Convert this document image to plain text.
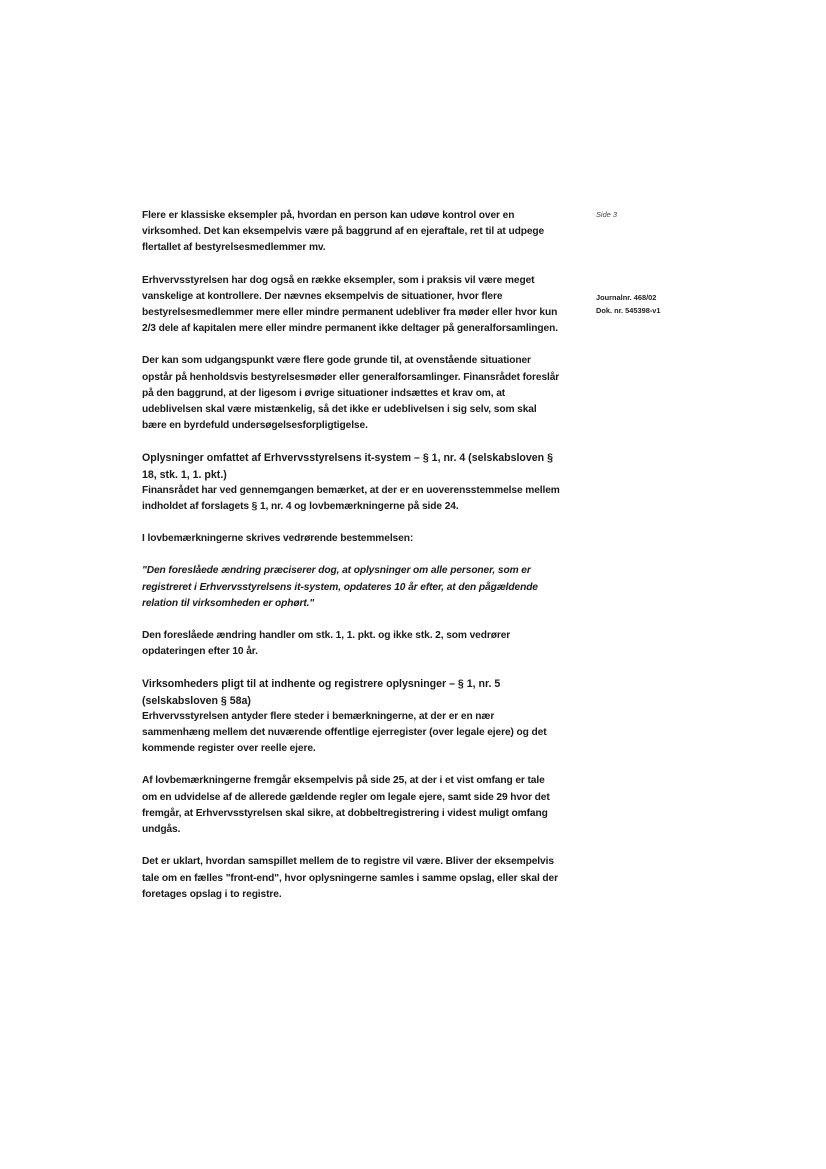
Side 3
Journalnr. 468/02
Dok. nr. 545398-v1

Flere er klassiske eksempler på, hvordan en person kan udøve kontrol over en virksomhed. Det kan eksempelvis være på baggrund af en ejeraftale, ret til at udpege flertallet af bestyrelsesmedlemmer mv.

Erhvervsstyrelsen har dog også en række eksempler, som i praksis vil være meget vanskelige at kontrollere. Der nævnes eksempelvis de situationer, hvor flere bestyrelsesmedlemmer mere eller mindre permanent udebliver fra møder eller hvor kun 2/3 dele af kapitalen mere eller mindre permanent ikke deltager på generalforsamlingen.

Der kan som udgangspunkt være flere gode grunde til, at ovenstående situationer opstår på henholdsvis bestyrelsesmøder eller generalforsamlinger. Finansrådet foreslår på den baggrund, at der ligesom i øvrige situationer indsættes et krav om, at udeblivelsen skal være mistænkelig, så det ikke er udeblivelsen i sig selv, som skal bære en byrdefuld undersøgelsesforpligtigelse.

Oplysninger omfattet af Erhvervsstyrelsens it-system – § 1, nr. 4 (selskabsloven § 18, stk. 1, 1. pkt.)

Finansrådet har ved gennemgangen bemærket, at der er en uoverensstemmelse mellem indholdet af forslagets § 1, nr. 4 og lovbemærkningerne på side 24.

I lovbemærkningerne skrives vedrørende bestemmelsen:

"Den foreslåede ændring præciserer dog, at oplysninger om alle personer, som er registreret i Erhvervsstyrelsens it-system, opdateres 10 år efter, at den pågældende relation til virksomheden er ophørt."

Den foreslåede ændring handler om stk. 1, 1. pkt. og ikke stk. 2, som vedrører opdateringen efter 10 år.

Virksomheders pligt til at indhente og registrere oplysninger – § 1, nr. 5 (selskabsloven § 58a)

Erhvervsstyrelsen antyder flere steder i bemærkningerne, at der er en nær sammenhæng mellem det nuværende offentlige ejerregister (over legale ejere) og det kommende register over reelle ejere.

Af lovbemærkningerne fremgår eksempelvis på side 25, at der i et vist omfang er tale om en udvidelse af de allerede gældende regler om legale ejere, samt side 29 hvor det fremgår, at Erhvervsstyrelsen skal sikre, at dobbeltregistrering i videst muligt omfang undgås.

Det er uklart, hvordan samspillet mellem de to registre vil være. Bliver der eksempelvis tale om en fælles "front-end", hvor oplysningerne samles i samme opslag, eller skal der foretages opslag i to registre.
